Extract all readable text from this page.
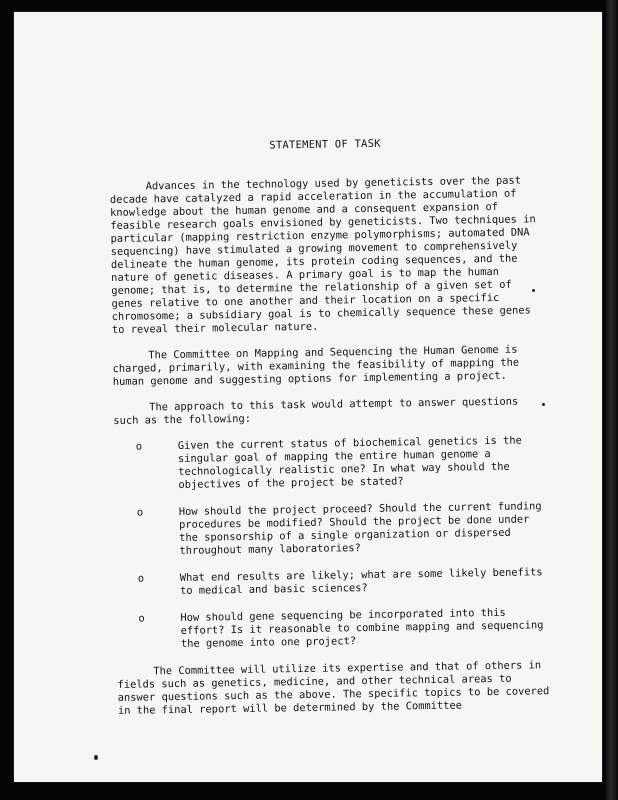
STATEMENT OF TASK

Advances in the technology used by geneticists over the past decade have catalyzed a rapid acceleration in the accumulation of knowledge about the human genome and a consequent expansion of feasible research goals envisioned by geneticists. Two techniques in particular (mapping restriction enzyme polymorphisms; automated DNA sequencing) have stimulated a growing movement to comprehensively delineate the human genome, its protein coding sequences, and the nature of genetic diseases. A primary goal is to map the human genome; that is, to determine the relationship of a given set of genes relative to one another and their location on a specific chromosome; a subsidiary goal is to chemically sequence these genes to reveal their molecular nature.

The Committee on Mapping and Sequencing the Human Genome is charged, primarily, with examining the feasibility of mapping the human genome and suggesting options for implementing a project.

The approach to this task would attempt to answer questions such as the following:

o	Given the current status of biochemical genetics is the singular goal of mapping the entire human genome a technologically realistic one? In what way should the objectives of the project be stated?
o	How should the project proceed? Should the current funding procedures be modified? Should the project be done under the sponsorship of a single organization or dispersed throughout many laboratories?
o	What end results are likely; what are some likely benefits to medical and basic sciences?
o	How should gene sequencing be incorporated into this effort? Is it reasonable to combine mapping and sequencing the genome into one project?

The Committee will utilize its expertise and that of others in fields such as genetics, medicine, and other technical areas to answer questions such as the above. The specific topics to be covered in the final report will be determined by the Committee
